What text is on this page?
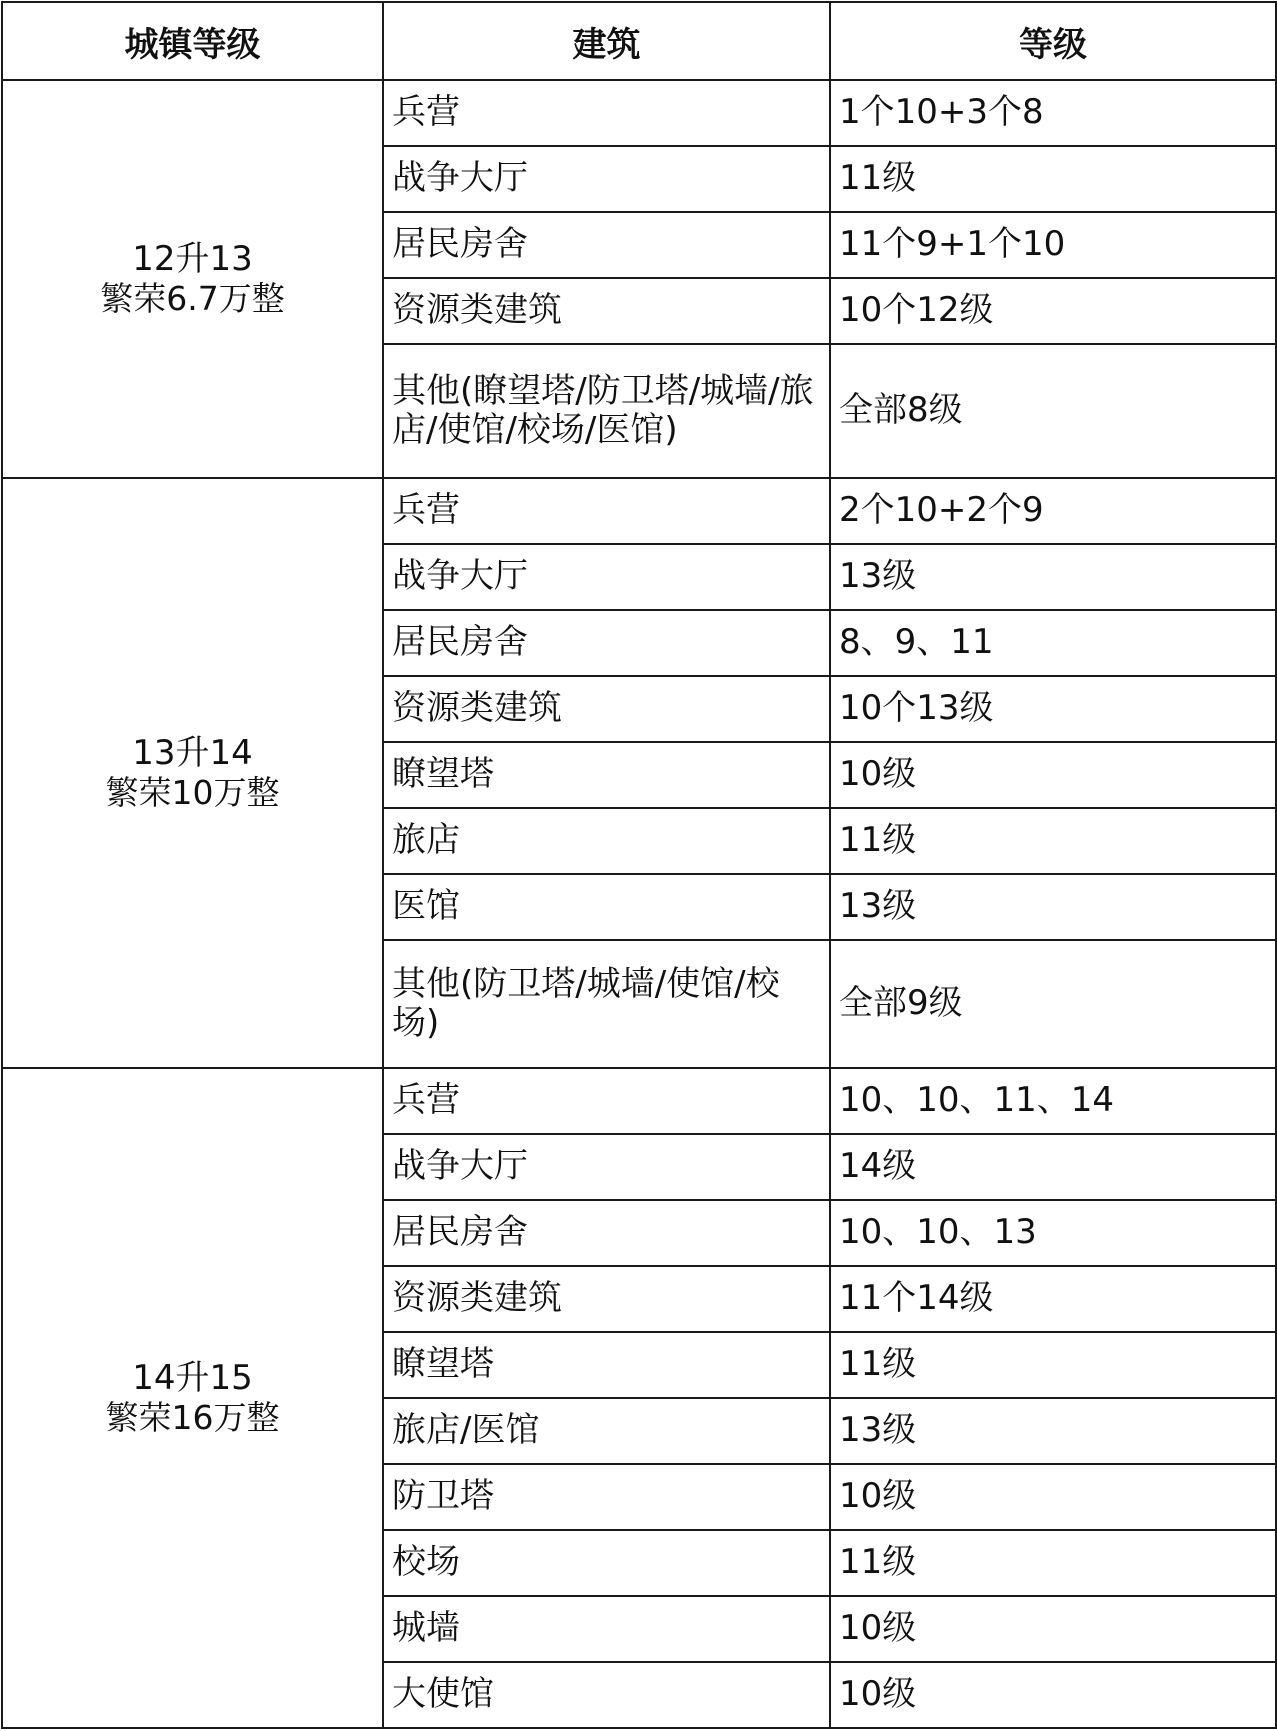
城镇等级	建筑	等级

12升13
繁荣6.7万整	兵营	1个10+3个8
	战争大厅	11级
	居民房舍	11个9+1个10
	资源类建筑	10个12级
	其他(瞭望塔/防卫塔/城墙/旅店/使馆/校场/医馆)	全部8级

13升14
繁荣10万整	兵营	2个10+2个9
	战争大厅	13级
	居民房舍	8、9、11
	资源类建筑	10个13级
	瞭望塔	10级
	旅店	11级
	医馆	13级
	其他(防卫塔/城墙/使馆/校场)	全部9级

14升15
繁荣16万整	兵营	10、10、11、14
	战争大厅	14级
	居民房舍	10、10、13
	资源类建筑	11个14级
	瞭望塔	11级
	旅店/医馆	13级
	防卫塔	10级
	校场	11级
	城墙	10级
	大使馆	10级
